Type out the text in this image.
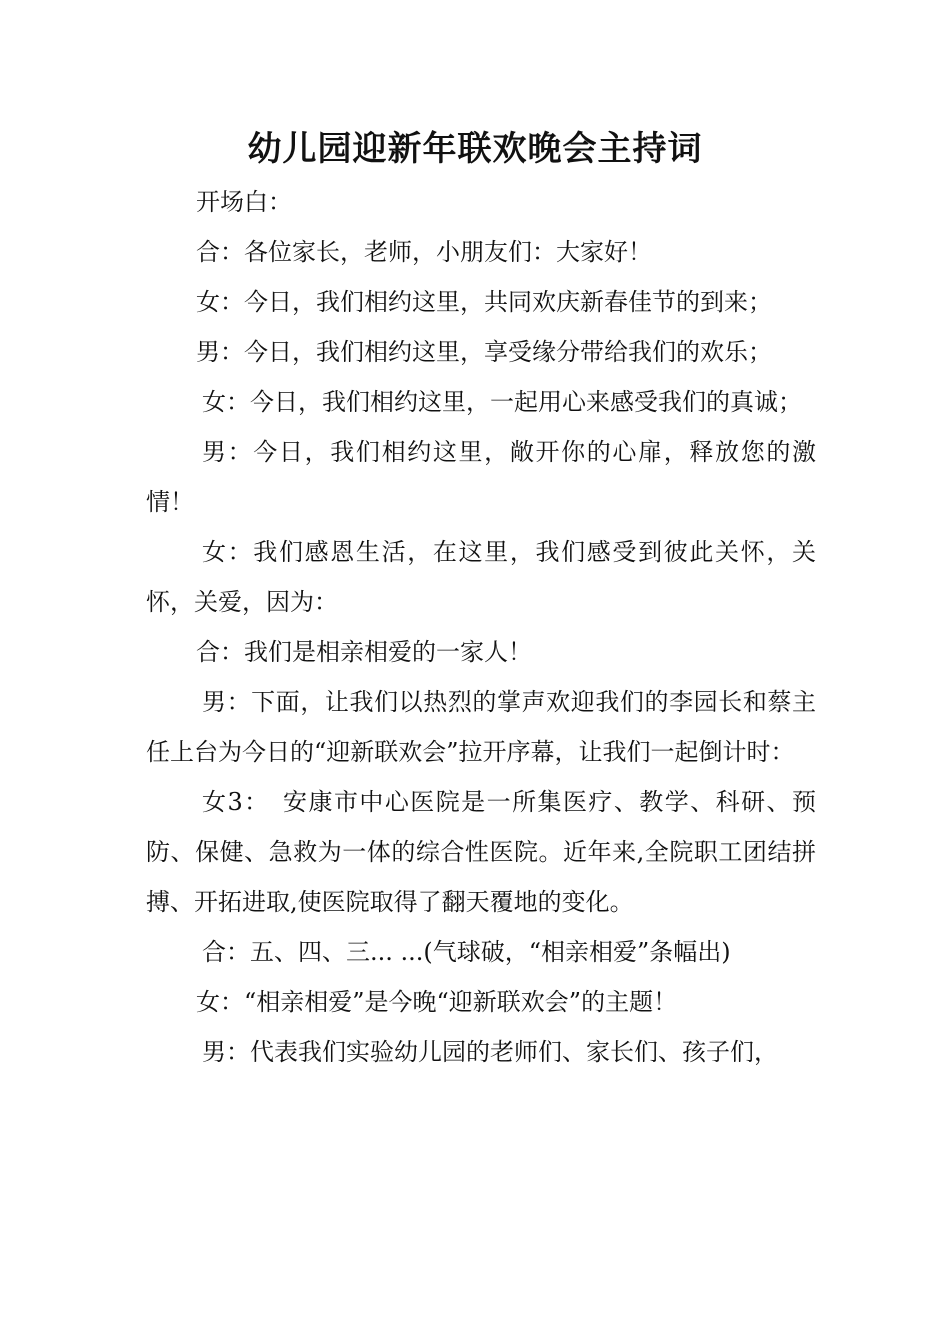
幼儿园迎新年联欢晚会主持词

开场白：

合：各位家长，老师，小朋友们：大家好！

女：今日，我们相约这里，共同欢庆新春佳节的到来；

男：今日，我们相约这里，享受缘分带给我们的欢乐；

女：今日，我们相约这里，一起用心来感受我们的真诚；

男：今日，我们相约这里，敞开你的心扉，释放您的激情！

女：我们感恩生活，在这里，我们感受到彼此关怀，关怀，关爱，因为：

合：我们是相亲相爱的一家人！

男：下面，让我们以热烈的掌声欢迎我们的李园长和蔡主任上台为今日的“迎新联欢会”拉开序幕，让我们一起倒计时：

女3：　安康市中心医院是一所集医疗、教学、科研、预防、保健、急救为一体的综合性医院。近年来,全院职工团结拼搏、开拓进取,使医院取得了翻天覆地的变化。

合：五、四、三... ...(气球破，“相亲相爱”条幅出)

女：“相亲相爱”是今晚“迎新联欢会”的主题！

男：代表我们实验幼儿园的老师们、家长们、孩子们，
